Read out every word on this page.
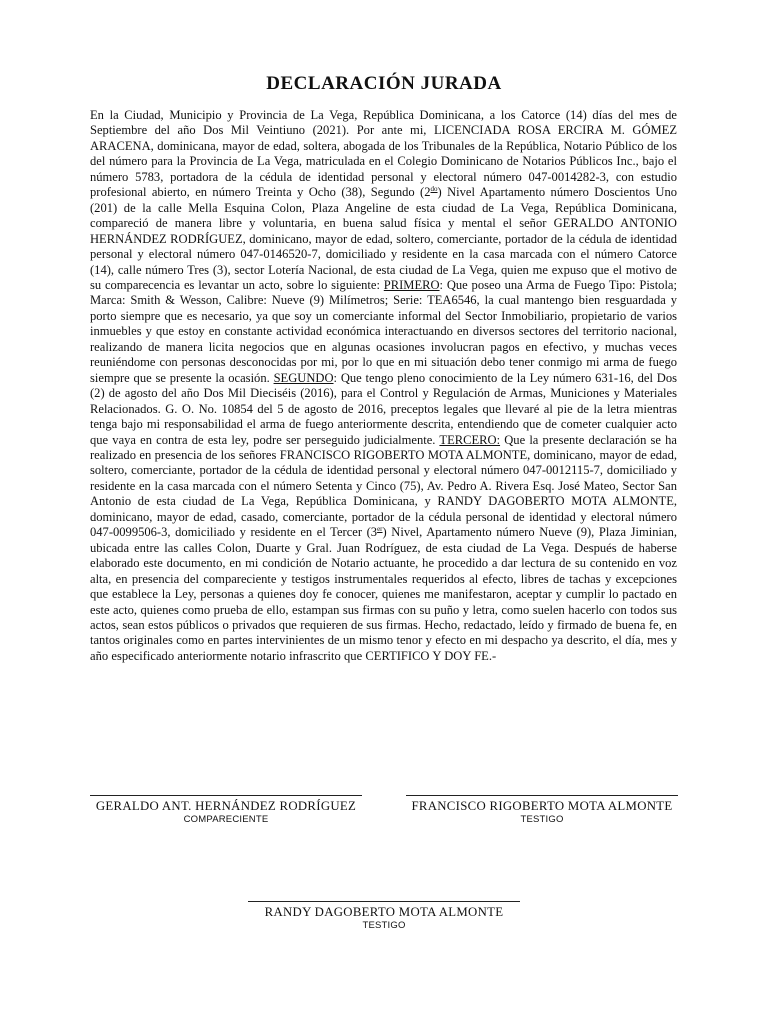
DECLARACIÓN JURADA
En la Ciudad, Municipio y Provincia de La Vega, República Dominicana, a los Catorce (14) días del mes de Septiembre del año Dos Mil Veintiuno (2021). Por ante mi, LICENCIADA ROSA ERCIRA M. GÓMEZ ARACENA, dominicana, mayor de edad, soltera, abogada de los Tribunales de la República, Notario Público de los del número para la Provincia de La Vega, matriculada en el Colegio Dominicano de Notarios Públicos Inc., bajo el número 5783, portadora de la cédula de identidad personal y electoral número 047-0014282-3, con estudio profesional abierto, en número Treinta y Ocho (38), Segundo $(2^{do})$ Nivel Apartamento número Doscientos Uno (201) de la calle Mella Esquina Colon, Plaza Angeline de esta ciudad de La Vega, República Dominicana, compareció de manera libre y voluntaria, en buena salud física y mental el señor GERALDO ANTONIO HERNÁNDEZ RODRÍGUEZ, dominicano, mayor de edad, soltero, comerciante, portador de la cédula de identidad personal y electoral número 047-0146520-7, domiciliado y residente en la casa marcada con el número Catorce (14), calle número Tres (3), sector Lotería Nacional, de esta ciudad de La Vega, quien me expuso que el motivo de su comparecencia es levantar un acto, sobre lo siguiente: PRIMERO: Que poseo una Arma de Fuego Tipo: Pistola; Marca: Smith & Wesson, Calibre: Nueve (9) Milímetros; Serie: TEA6546, la cual mantengo bien resguardada y porto siempre que es necesario, ya que soy un comerciante informal del Sector Inmobiliario, propietario de varios inmuebles y que estoy en constante actividad económica interactuando en diversos sectores del territorio nacional, realizando de manera licita negocios que en algunas ocasiones involucran pagos en efectivo, y muchas veces reuniéndome con personas desconocidas por mi, por lo que en mi situación debo tener conmigo mi arma de fuego siempre que se presente la ocasión. SEGUNDO: Que tengo pleno conocimiento de la Ley número 631-16, del Dos (2) de agosto del año Dos Mil Dieciséis (2016), para el Control y Regulación de Armas, Municiones y Materiales Relacionados. G. O. No. 10854 del 5 de agosto de 2016, preceptos legales que llevaré al pie de la letra mientras tenga bajo mi responsabilidad el arma de fuego anteriormente descrita, entendiendo que de cometer cualquier acto que vaya en contra de esta ley, podre ser perseguido judicialmente. TERCERO: Que la presente declaración se ha realizado en presencia de los señores FRANCISCO RIGOBERTO MOTA ALMONTE, dominicano, mayor de edad, soltero, comerciante, portador de la cédula de identidad personal y electoral número 047-0012115-7, domiciliado y residente en la casa marcada con el número Setenta y Cinco (75), Av. Pedro A. Rivera Esq. José Mateo, Sector San Antonio de esta ciudad de La Vega, República Dominicana, y RANDY DAGOBERTO MOTA ALMONTE, dominicano, mayor de edad, casado, comerciante, portador de la cédula personal de identidad y electoral número 047-0099506-3, domiciliado y residente en el Tercer (3er) Nivel, Apartamento número Nueve (9), Plaza Jiminian, ubicada entre las calles Colon, Duarte y Gral. Juan Rodríguez, de esta ciudad de La Vega. Después de haberse elaborado este documento, en mi condición de Notario actuante, he procedido a dar lectura de su contenido en voz alta, en presencia del compareciente y testigos instrumentales requeridos al efecto, libres de tachas y excepciones que establece la Ley, personas a quienes doy fe conocer, quienes me manifestaron, aceptar y cumplir lo pactado en este acto, quienes como prueba de ello, estampan sus firmas con su puño y letra, como suelen hacerlo con todos sus actos, sean estos públicos o privados que requieren de sus firmas. Hecho, redactado, leído y firmado de buena fe, en tantos originales como en partes intervinientes de un mismo tenor y efecto en mi despacho ya descrito, el día, mes y año especificado anteriormente notario infrascrito que CERTIFICO Y DOY FE.-
GERALDO ANT. HERNÁNDEZ RODRÍGUEZ
COMPARECIENTE
FRANCISCO RIGOBERTO MOTA ALMONTE
TESTIGO
RANDY DAGOBERTO MOTA ALMONTE
TESTIGO
